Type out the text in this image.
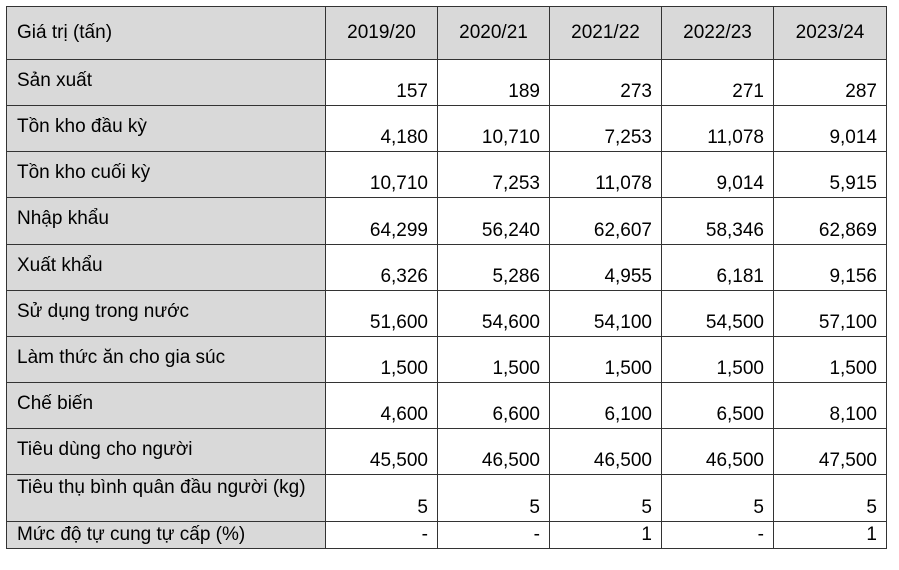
Giá trị (tấn)	2019/20	2020/21	2021/22	2022/23	2023/24
Sản xuất	157	189	273	271	287
Tồn kho đầu kỳ	4,180	10,710	7,253	11,078	9,014
Tồn kho cuối kỳ	10,710	7,253	11,078	9,014	5,915
Nhập khẩu	64,299	56,240	62,607	58,346	62,869
Xuất khẩu	6,326	5,286	4,955	6,181	9,156
Sử dụng trong nước	51,600	54,600	54,100	54,500	57,100
Làm thức ăn cho gia súc	1,500	1,500	1,500	1,500	1,500
Chế biến	4,600	6,600	6,100	6,500	8,100
Tiêu dùng cho người	45,500	46,500	46,500	46,500	47,500
Tiêu thụ bình quân đầu người (kg)	5	5	5	5	5
Mức độ tự cung tự cấp (%)	-	-	1	-	1
